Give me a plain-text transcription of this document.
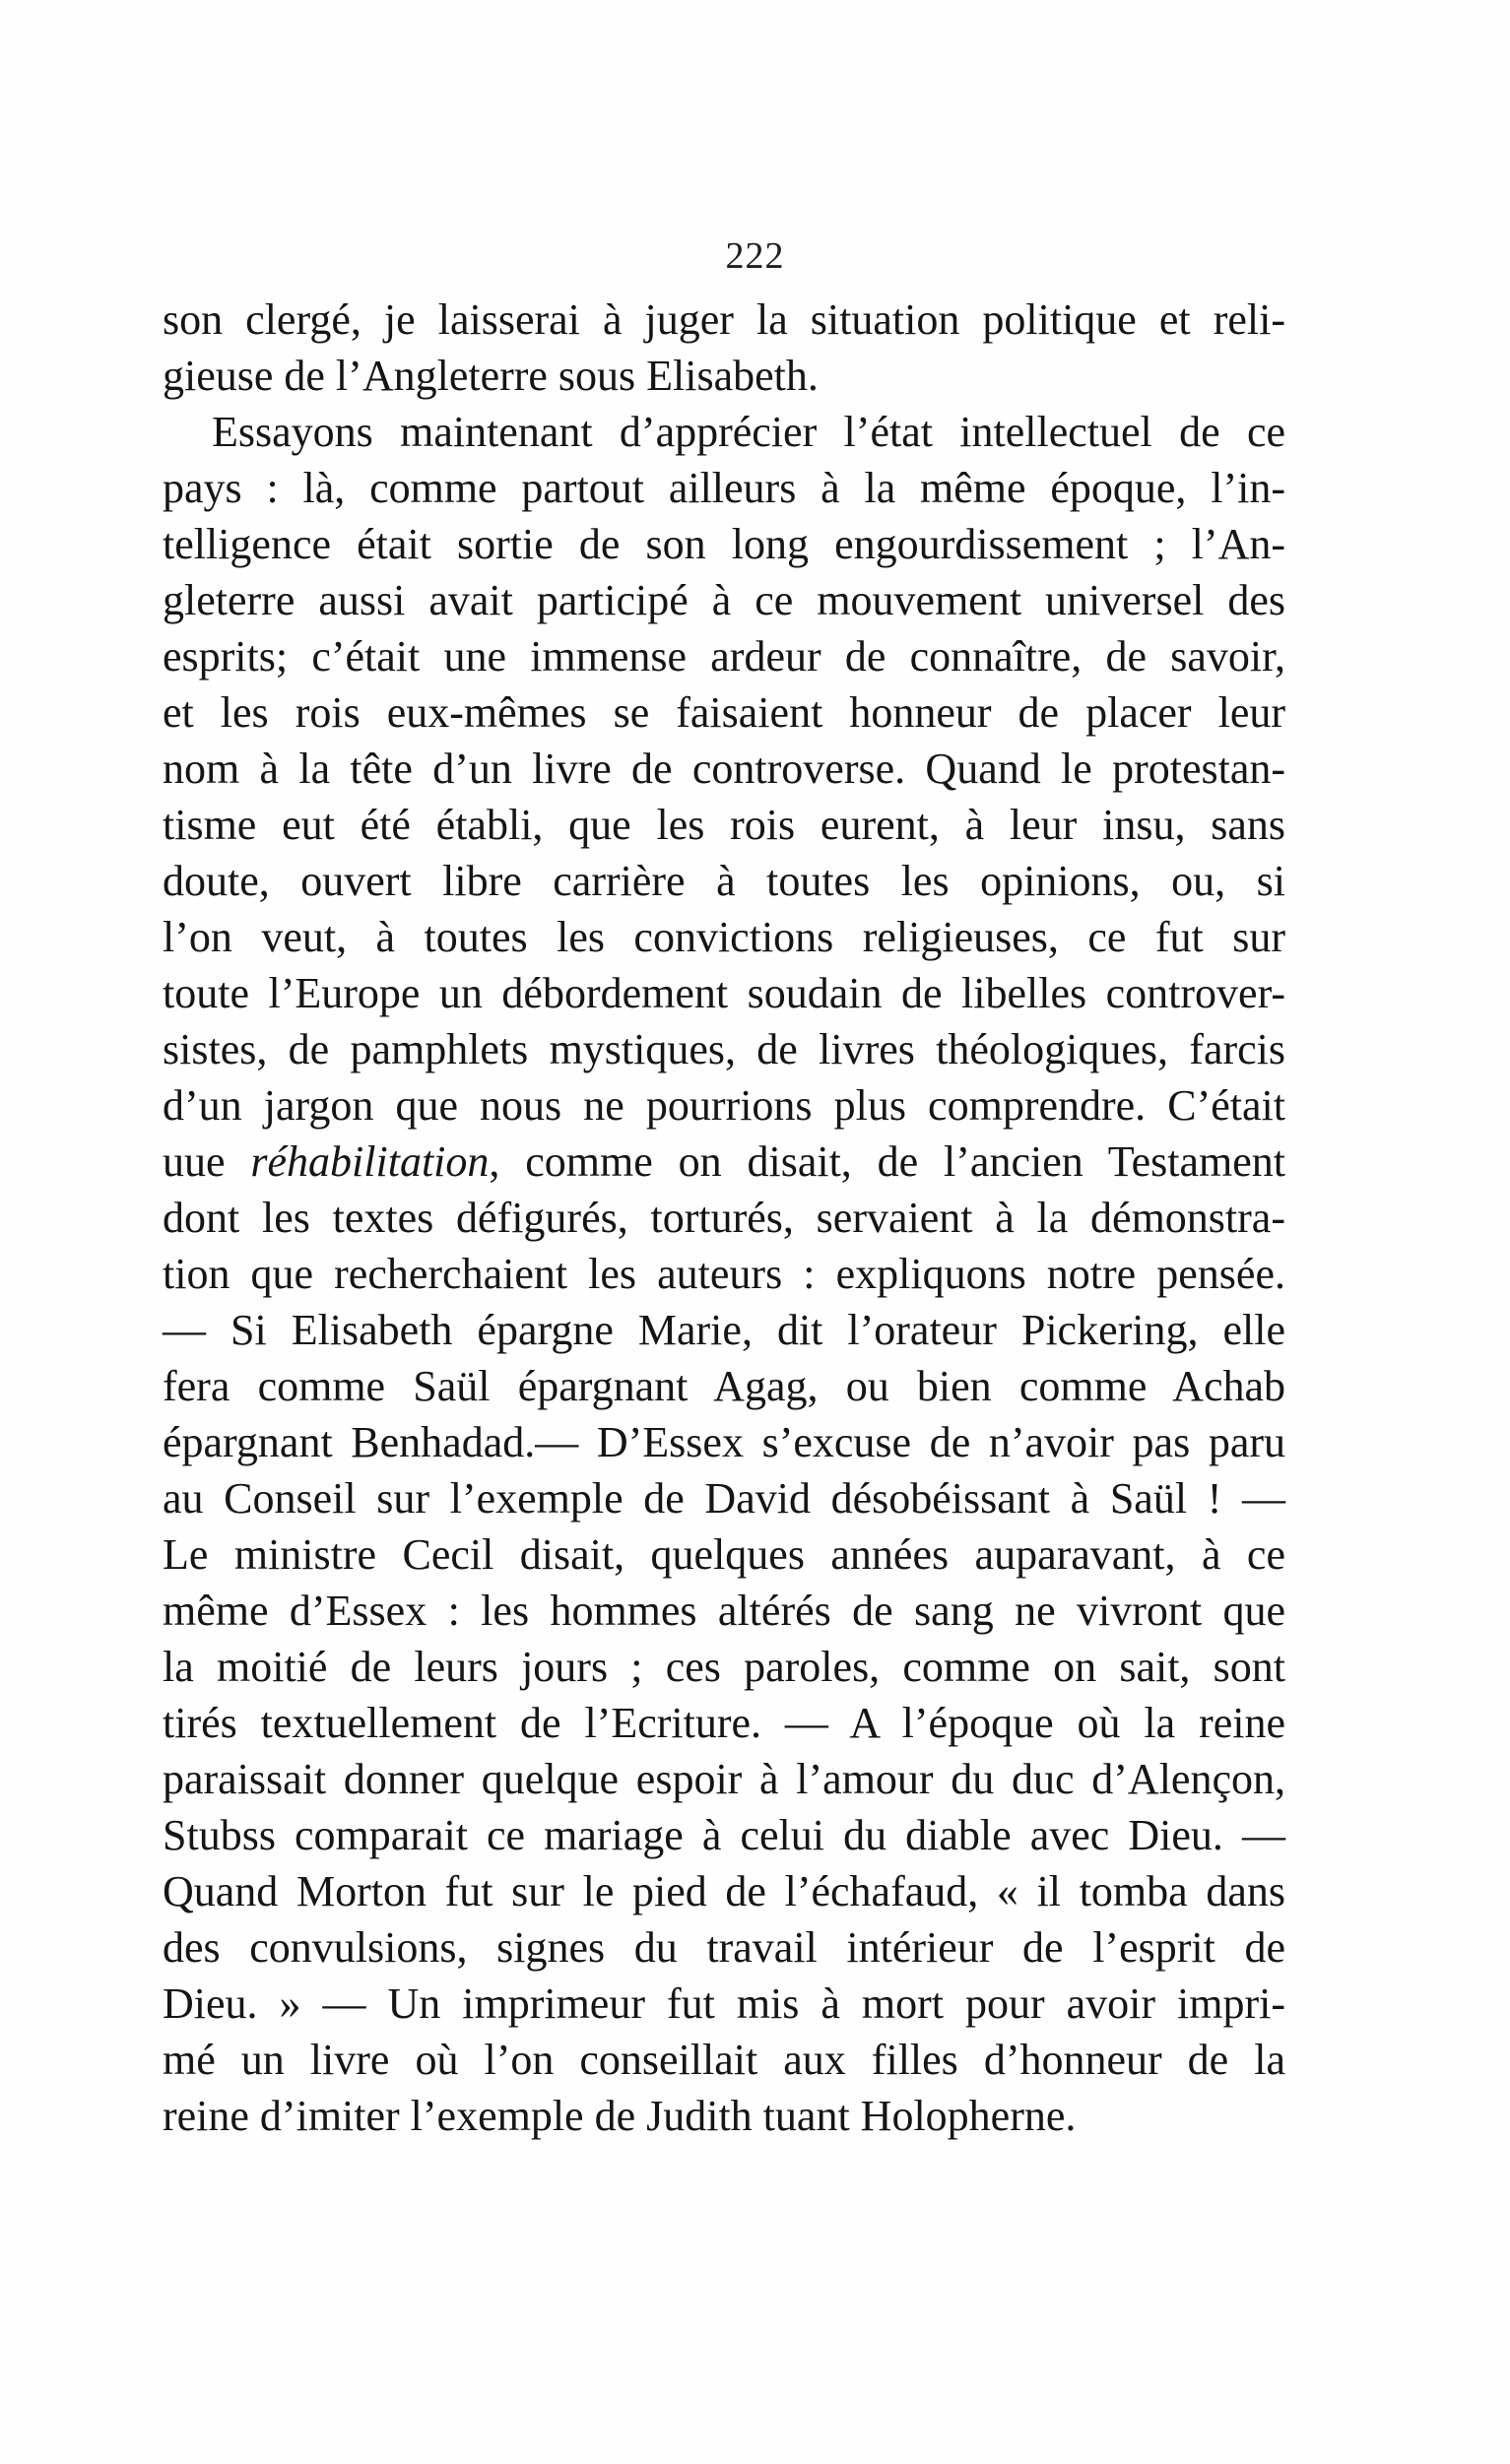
222
son clergé, je laisserai à juger la situation politique et reli-
gieuse de l’Angleterre sous Elisabeth.
Essayons maintenant d’apprécier l’état intellectuel de ce
pays : là, comme partout ailleurs à la même époque, l’in-
telligence était sortie de son long engourdissement ; l’An-
gleterre aussi avait participé à ce mouvement universel des
esprits; c’était une immense ardeur de connaître, de savoir,
et les rois eux-mêmes se faisaient honneur de placer leur
nom à la tête d’un livre de controverse. Quand le protestan-
tisme eut été établi, que les rois eurent, à leur insu, sans
doute, ouvert libre carrière à toutes les opinions, ou, si
l’on veut, à toutes les convictions religieuses, ce fut sur
toute l’Europe un débordement soudain de libelles controver-
sistes, de pamphlets mystiques, de livres théologiques, farcis
d’un jargon que nous ne pourrions plus comprendre. C’était
uue réhabilitation, comme on disait, de l’ancien Testament
dont les textes défigurés, torturés, servaient à la démonstra-
tion que recherchaient les auteurs : expliquons notre pensée.
— Si Elisabeth épargne Marie, dit l’orateur Pickering, elle
fera comme Saül épargnant Agag, ou bien comme Achab
épargnant Benhadad.— D’Essex s’excuse de n’avoir pas paru
au Conseil sur l’exemple de David désobéissant à Saül ! —
Le ministre Cecil disait, quelques années auparavant, à ce
même d’Essex : les hommes altérés de sang ne vivront que
la moitié de leurs jours ; ces paroles, comme on sait, sont
tirés textuellement de l’Ecriture. — A l’époque où la reine
paraissait donner quelque espoir à l’amour du duc d’Alençon,
Stubss comparait ce mariage à celui du diable avec Dieu. —
Quand Morton fut sur le pied de l’échafaud, « il tomba dans
des convulsions, signes du travail intérieur de l’esprit de
Dieu. » — Un imprimeur fut mis à mort pour avoir impri-
mé un livre où l’on conseillait aux filles d’honneur de la
reine d’imiter l’exemple de Judith tuant Holopherne.
